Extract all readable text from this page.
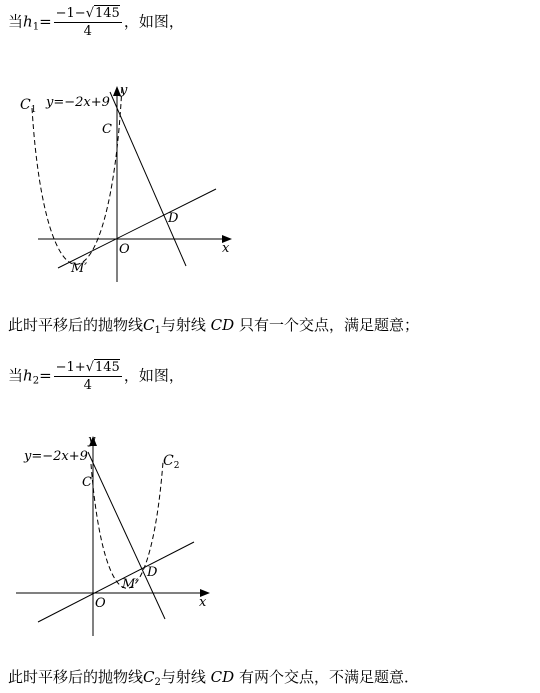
当$h_1= \frac{-1-√145}{4}$ ，如图，
$C_1$ y=−2x+9
y
x
O
C
D
M′
此时平移后的抛物线$C_1$与射线 CD 只有一个交点，满足题意；
当$h_2= \frac{-1+√145}{4}$ ，如图，
$C_2$
y=−2x+9
y
x
O
C
D
M′
此时平移后的抛物线$C_2$与射线 CD 有两个交点，不满足题意．
